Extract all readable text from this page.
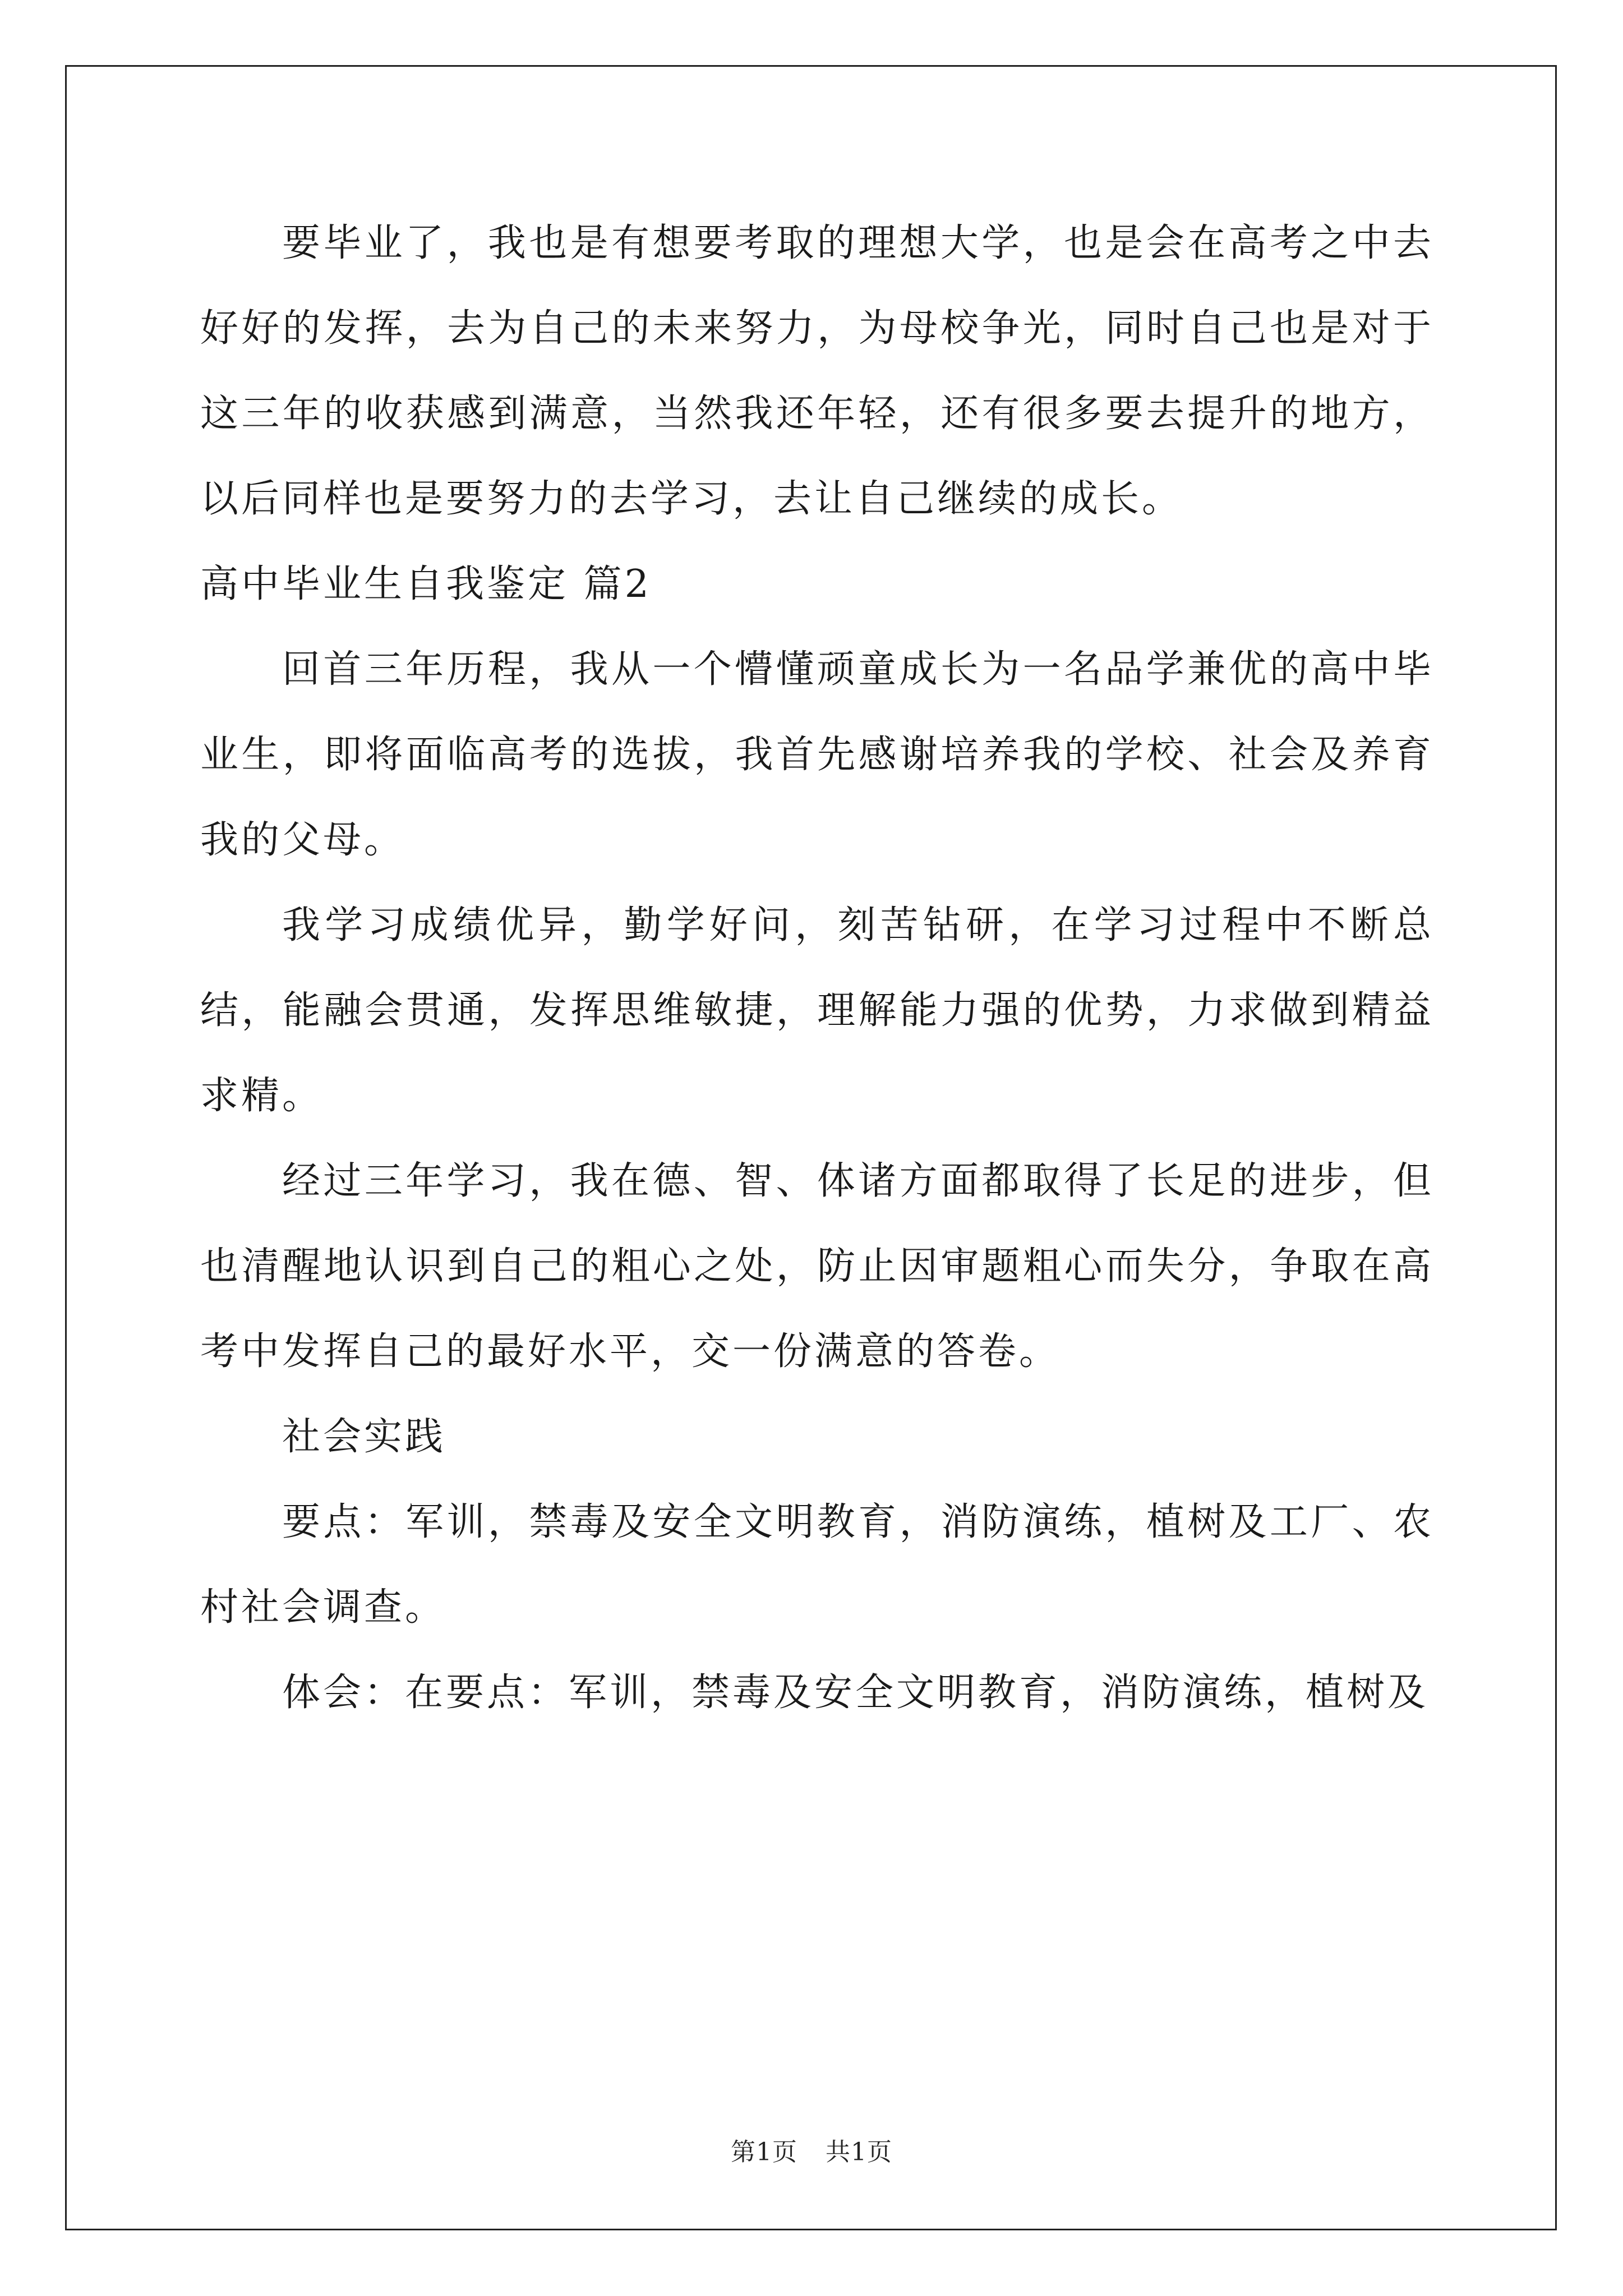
要毕业了，我也是有想要考取的理想大学，也是会在高考之中去好好的发挥，去为自己的未来努力，为母校争光，同时自己也是对于这三年的收获感到满意，当然我还年轻，还有很多要去提升的地方，以后同样也是要努力的去学习，去让自己继续的成长。

高中毕业生自我鉴定 篇2

回首三年历程，我从一个懵懂顽童成长为一名品学兼优的高中毕业生，即将面临高考的选拔，我首先感谢培养我的学校、社会及养育我的父母。

我学习成绩优异，勤学好问，刻苦钻研，在学习过程中不断总结，能融会贯通，发挥思维敏捷，理解能力强的优势，力求做到精益求精。

经过三年学习，我在德、智、体诸方面都取得了长足的进步，但也清醒地认识到自己的粗心之处，防止因审题粗心而失分，争取在高考中发挥自己的最好水平，交一份满意的答卷。

社会实践

要点：军训，禁毒及安全文明教育，消防演练，植树及工厂、农村社会调查。

体会：在要点：军训，禁毒及安全文明教育，消防演练，植树及

第1页 共1页
